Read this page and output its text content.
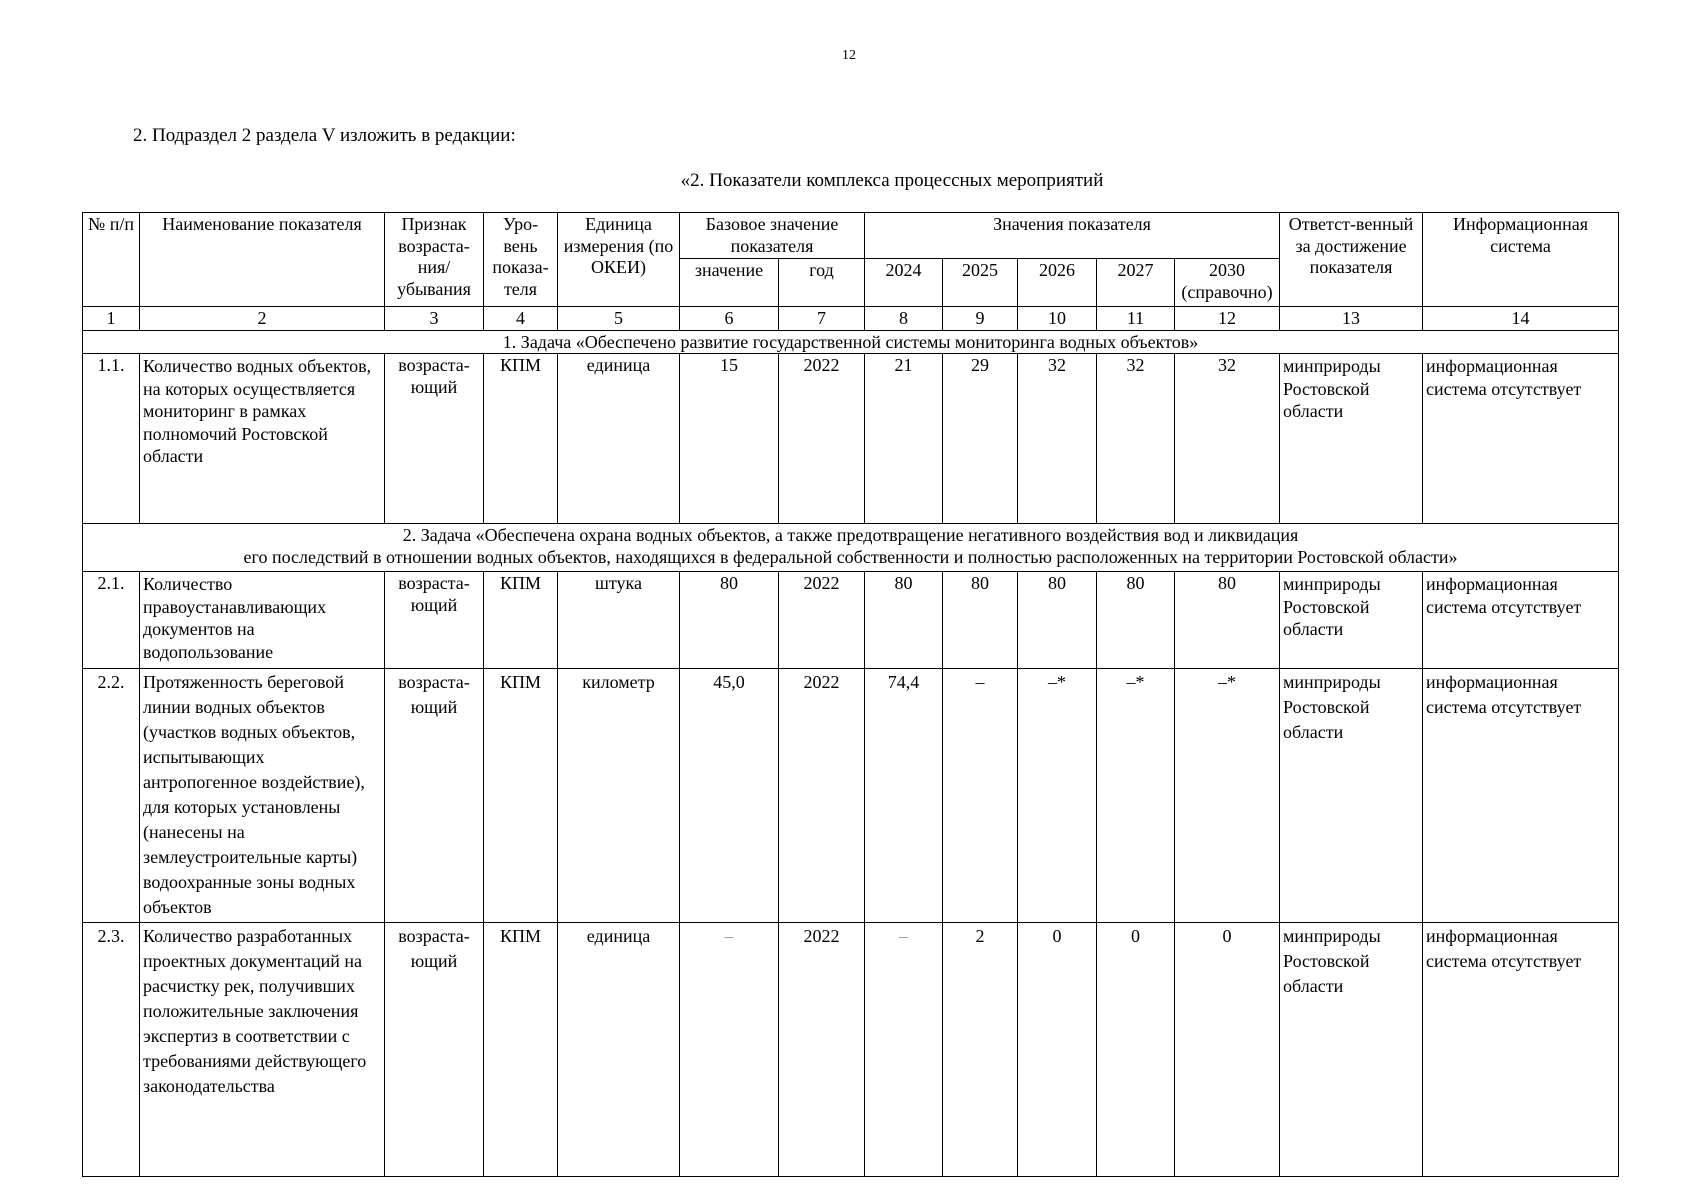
12
2. Подраздел 2 раздела V изложить в редакции:
«2. Показатели комплекса процессных мероприятий
№ п/п	Наименование показателя	Признак возраста-ния/ убывания	Уро-вень показа-теля	Единица измерения (по ОКЕИ)	Базовое значение показателя		Значения показателя					Ответст-венный за достижение показателя	Информационная система
					значение	год	2024	2025	2026	2027	2030 (справочно)		
1	2	3	4	5	6	7	8	9	10	11	12	13	14
1. Задача «Обеспечено развитие государственной системы мониторинга водных объектов»													
1.1.	Количество водных объектов, на которых осуществляется мониторинг в рамках полномочий Ростовской области	возраста-ющий	КПМ	единица	15	2022	21	29	32	32	32	минприроды Ростовской области	информационная система отсутствует

2. Задача «Обеспечена охрана водных объектов, а также предотвращение негативного воздействия вод и ликвидация
его последствий в отношении водных объектов, находящихся в федеральной собственности и полностью расположенных на территории Ростовской области»													

2.1.	Количество правоустанавливающих документов на водопользование	возраста-ющий	КПМ	штука	80	2022	80	80	80	80	80	минприроды Ростовской области	информационная система отсутствует
2.2.	Протяженность береговой линии водных объектов (участков водных объектов, испытывающих антропогенное воздействие), для которых установлены (нанесены на землеустроительные карты) водоохранные зоны водных объектов	возраста-ющий	КПМ	километр	45,0	2022	74,4	–	–*	–*	–*	минприроды Ростовской области	информационная система отсутствует
2.3.	Количество разработанных проектных документаций на расчистку рек, получивших положительные заключения экспертиз в соответствии с требованиями действующего законодательства	возраста-ющий	КПМ	единица	–	2022	–	2	0	0	0	минприроды Ростовской области	информационная система отсутствует
